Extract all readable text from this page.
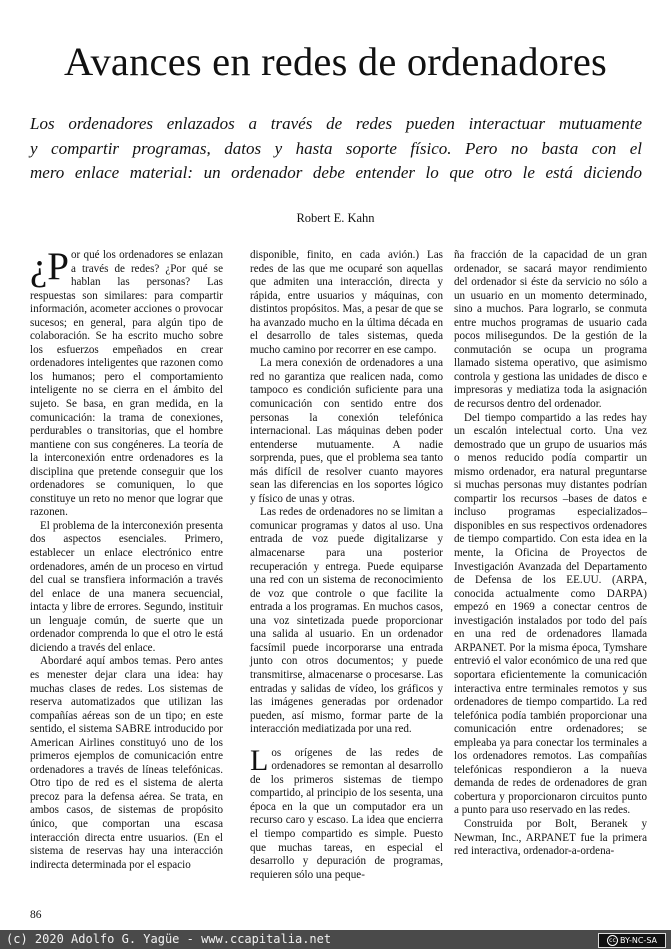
Avances en redes de ordenadores
Los ordenadores enlazados a través de redes pueden interactuar mutuamente
y compartir programas, datos y hasta soporte físico. Pero no basta con el
mero enlace material: un ordenador debe entender lo que otro le está diciendo
Robert E. Kahn

¿P or qué los ordenadores se enlazan a través de redes? ¿Por qué se hablan las personas? Las respuestas son similares: para compartir información, acometer acciones o provocar sucesos; en general, para algún tipo de colaboración. Se ha escrito mucho sobre los esfuerzos empeñados en crear ordenadores inteligentes que razonen como los humanos; pero el comportamiento inteligente no se cierra en el ámbito del sujeto. Se basa, en gran medida, en la comunicación: la trama de conexiones, perdurables o transitorias, que el hombre mantiene con sus congéneres. La teoría de la interconexión entre ordenadores es la disciplina que pretende conseguir que los ordenadores se comuniquen, lo que constituye un reto no menor que lograr que razonen.

El problema de la interconexión presenta dos aspectos esenciales. Primero, establecer un enlace electrónico entre ordenadores, amén de un proceso en virtud del cual se transfiera información a través del enlace de una manera secuencial, intacta y libre de errores. Segundo, instituir un lenguaje común, de suerte que un ordenador comprenda lo que el otro le está diciendo a través del enlace.

Abordaré aquí ambos temas. Pero antes es menester dejar clara una idea: hay muchas clases de redes. Los sistemas de reserva automatizados que utilizan las compañías aéreas son de un tipo; en este sentido, el sistema SABRE introducido por American Airlines constituyó uno de los primeros ejemplos de comunicación entre ordenadores a través de líneas telefónicas. Otro tipo de red es el sistema de alerta precoz para la defensa aérea. Se trata, en ambos casos, de sistemas de propósito único, que comportan una escasa interacción directa entre usuarios. (En el sistema de reservas hay una interacción indirecta determinada por el espacio

disponible, finito, en cada avión.) Las redes de las que me ocuparé son aquellas que admiten una interacción, directa y rápida, entre usuarios y máquinas, con distintos propósitos. Mas, a pesar de que se ha avanzado mucho en la última década en el desarrollo de tales sistemas, queda mucho camino por recorrer en ese campo.

La mera conexión de ordenadores a una red no garantiza que realicen nada, como tampoco es condición suficiente para una comunicación con sentido entre dos personas la conexión telefónica internacional. Las máquinas deben poder entenderse mutuamente. A nadie sorprenda, pues, que el problema sea tanto más difícil de resolver cuanto mayores sean las diferencias en los soportes lógico y físico de unas y otras.

Las redes de ordenadores no se limitan a comunicar programas y datos al uso. Una entrada de voz puede digitalizarse y almacenarse para una posterior recuperación y entrega. Puede equiparse una red con un sistema de reconocimiento de voz que controle o que facilite la entrada a los programas. En muchos casos, una voz sintetizada puede proporcionar una salida al usuario. En un ordenador facsímil puede incorporarse una entrada junto con otros documentos; y puede transmitirse, almacenarse o procesarse. Las entradas y salidas de vídeo, los gráficos y las imágenes generadas por ordenador pueden, así mismo, formar parte de la interacción mediatizada por una red.

Los orígenes de las redes de ordenadores se remontan al desarrollo de los primeros sistemas de tiempo compartido, al principio de los sesenta, una época en la que un computador era un recurso caro y escaso. La idea que encierra el tiempo compartido es simple. Puesto que muchas tareas, en especial el desarrollo y depuración de programas, requieren sólo una peque-

ña fracción de la capacidad de un gran ordenador, se sacará mayor rendimiento del ordenador si éste da servicio no sólo a un usuario en un momento determinado, sino a muchos. Para lograrlo, se conmuta entre muchos programas de usuario cada pocos milisegundos. De la gestión de la conmutación se ocupa un programa llamado sistema operativo, que asimismo controla y gestiona las unidades de disco e impresoras y mediatiza toda la asignación de recursos dentro del ordenador.

Del tiempo compartido a las redes hay un escalón intelectual corto. Una vez demostrado que un grupo de usuarios más o menos reducido podía compartir un mismo ordenador, era natural preguntarse si muchas personas muy distantes podrían compartir los recursos –bases de datos e incluso programas especializados– disponibles en sus respectivos ordenadores de tiempo compartido. Con esta idea en la mente, la Oficina de Proyectos de Investigación Avanzada del Departamento de Defensa de los EE.UU. (ARPA, conocida actualmente como DARPA) empezó en 1969 a conectar centros de investigación instalados por todo del país en una red de ordenadores llamada ARPANET. Por la misma época, Tymshare entrevió el valor económico de una red que soportara eficientemente la comunicación interactiva entre terminales remotos y sus ordenadores de tiempo compartido. La red telefónica podía también proporcionar una comunicación entre ordenadores; se empleaba ya para conectar los terminales a los ordenadores remotos. Las compañías telefónicas respondieron a la nueva demanda de redes de ordenadores de gran cobertura y proporcionaron circuitos punto a punto para uso reservado en las redes.

Construida por Bolt, Beranek y Newman, Inc., ARPANET fue la primera red interactiva, ordenador-a-ordena-

86
(c) 2020 Adolfo G. Yagüe - www.ccapitalia.net	cc BY-NC-SA
